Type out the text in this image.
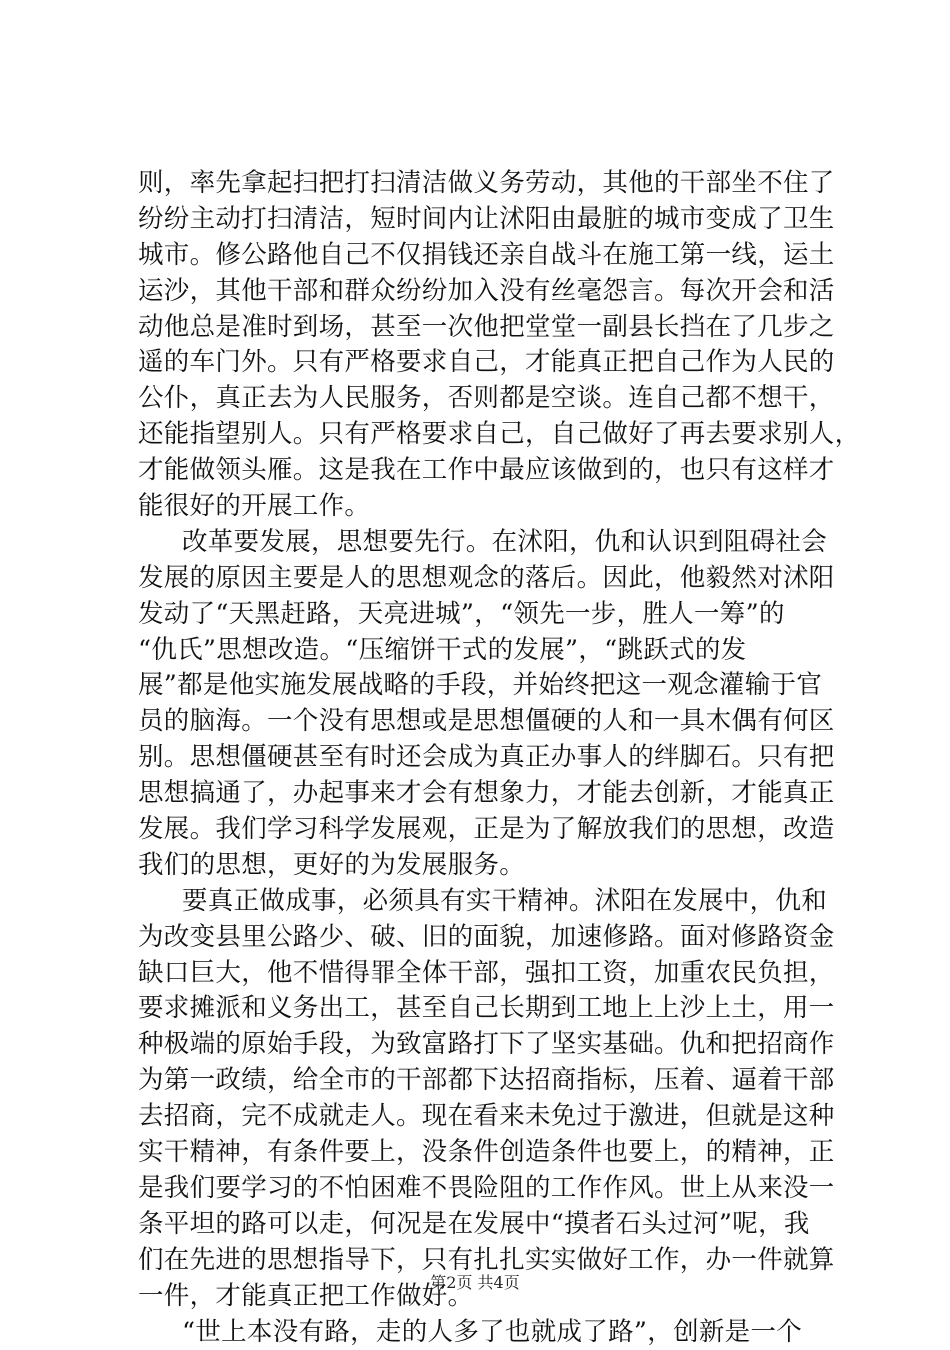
则，率先拿起扫把打扫清洁做义务劳动，其他的干部坐不住了
纷纷主动打扫清洁，短时间内让沭阳由最脏的城市变成了卫生
城市。修公路他自己不仅捐钱还亲自战斗在施工第一线，运土
运沙，其他干部和群众纷纷加入没有丝毫怨言。每次开会和活
动他总是准时到场，甚至一次他把堂堂一副县长挡在了几步之
遥的车门外。只有严格要求自己，才能真正把自己作为人民的
公仆，真正去为人民服务，否则都是空谈。连自己都不想干，
还能指望别人。只有严格要求自己，自己做好了再去要求别人，
才能做领头雁。这是我在工作中最应该做到的，也只有这样才
能很好的开展工作。
改革要发展，思想要先行。在沭阳，仇和认识到阻碍社会
发展的原因主要是人的思想观念的落后。因此，他毅然对沭阳
发动了“天黑赶路，天亮进城”，“领先一步，胜人一筹”的
“仇氏”思想改造。“压缩饼干式的发展”，“跳跃式的发
展”都是他实施发展战略的手段，并始终把这一观念灌输于官
员的脑海。一个没有思想或是思想僵硬的人和一具木偶有何区
别。思想僵硬甚至有时还会成为真正办事人的绊脚石。只有把
思想搞通了，办起事来才会有想象力，才能去创新，才能真正
发展。我们学习科学发展观，正是为了解放我们的思想，改造
我们的思想，更好的为发展服务。
要真正做成事，必须具有实干精神。沭阳在发展中，仇和
为改变县里公路少、破、旧的面貌，加速修路。面对修路资金
缺口巨大，他不惜得罪全体干部，强扣工资，加重农民负担，
要求摊派和义务出工，甚至自己长期到工地上上沙上土，用一
种极端的原始手段，为致富路打下了坚实基础。仇和把招商作
为第一政绩，给全市的干部都下达招商指标，压着、逼着干部
去招商，完不成就走人。现在看来未免过于激进，但就是这种
实干精神，有条件要上，没条件创造条件也要上，的精神，正
是我们要学习的不怕困难不畏险阻的工作作风。世上从来没一
条平坦的路可以走，何况是在发展中“摸者石头过河”呢，我
们在先进的思想指导下，只有扎扎实实做好工作，办一件就算
一件，才能真正把工作做好。
“世上本没有路，走的人多了也就成了路”，创新是一个
第2页 共4页
